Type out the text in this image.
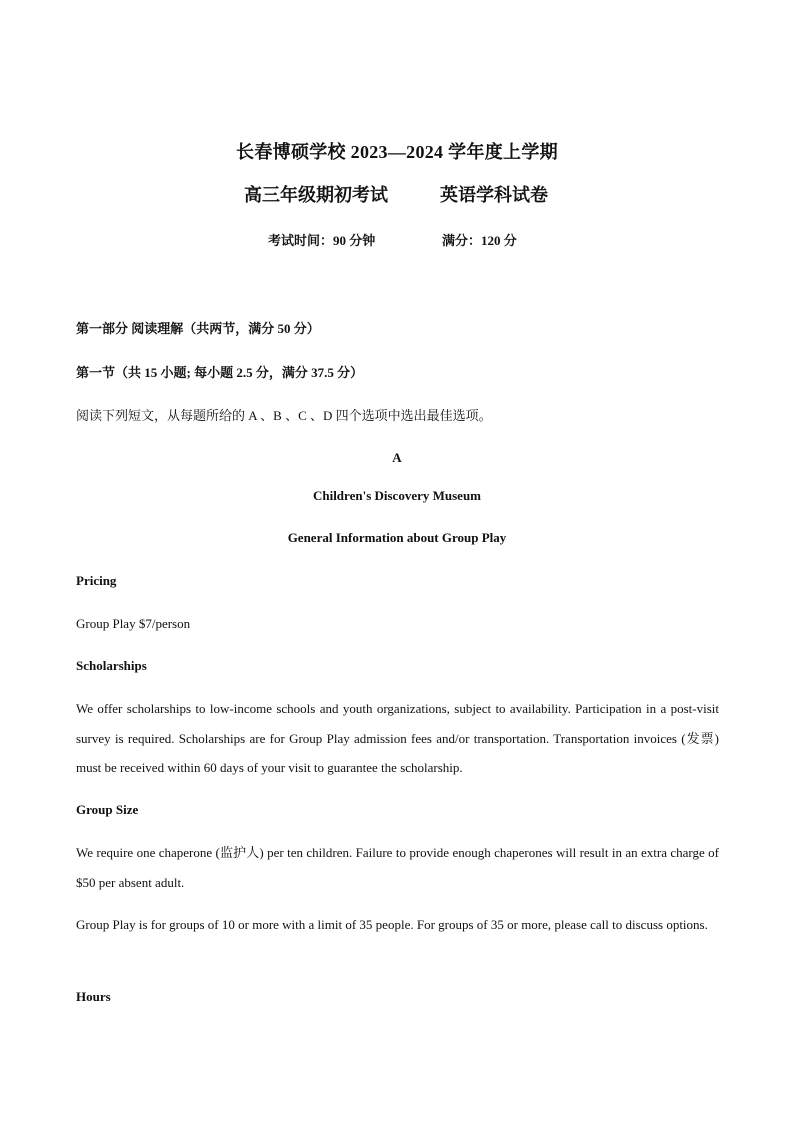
长春博硕学校 2023—2024 学年度上学期
高三年级期初考试	英语学科试卷
考试时间：90 分钟	满分：120 分
第一部分 阅读理解（共两节，满分 50 分）
第一节（共 15 小题; 每小题 2.5 分，满分 37.5 分）
阅读下列短文，从每题所给的 A 、B 、C 、D 四个选项中选出最佳选项。
A
Children's Discovery Museum
General Information about Group Play
Pricing
Group Play $7/person
Scholarships
We offer scholarships to low-income schools and youth organizations, subject to availability. Participation in a post-visit survey is required. Scholarships are for Group Play admission fees and/or transportation. Transportation invoices (发票) must be received within 60 days of your visit to guarantee the scholarship.
Group Size
We require one chaperone (监护人) per ten children. Failure to provide enough chaperones will result in an extra charge of $50 per absent adult.
Group Play is for groups of 10 or more with a limit of 35 people. For groups of 35 or more, please call to discuss options.
Hours
